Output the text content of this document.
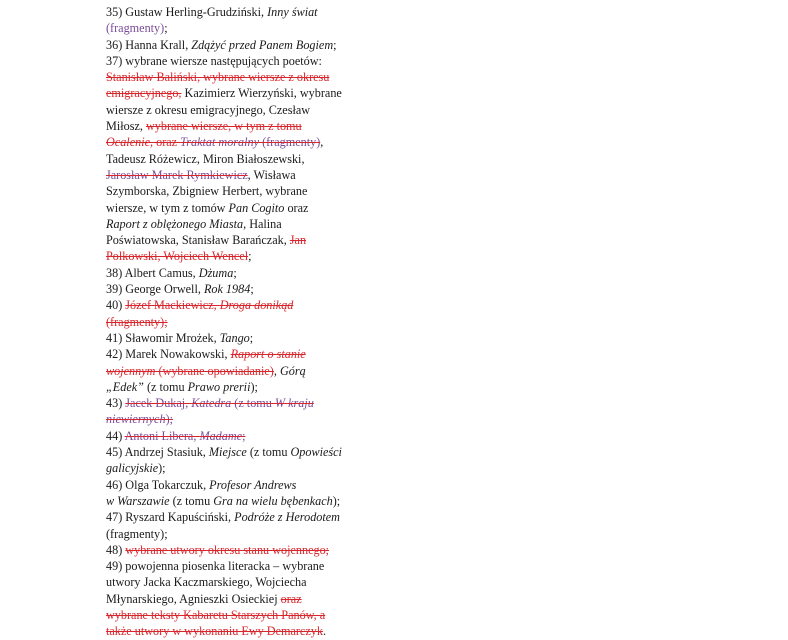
35) Gustaw Herling-Grudziński, Inny świat
(fragmenty);
36) Hanna Krall, Zdążyć przed Panem Bogiem;
37) wybrane wiersze następujących poetów:
Stanisław Baliński, wybrane wiersze z okresu
emigracyjnego, Kazimierz Wierzyński, wybrane
wiersze z okresu emigracyjnego, Czesław
Miłosz, wybrane wiersze, w tym z tomu
Ocalenie, oraz Traktat moralny (fragmenty),
Tadeusz Różewicz, Miron Białoszewski,
Jarosław Marek Rymkiewicz, Wisława
Szymborska, Zbigniew Herbert, wybrane
wiersze, w tym z tomów Pan Cogito oraz
Raport z oblężonego Miasta, Halina
Poświatowska, Stanisław Barańczak, Jan
Polkowski, Wojciech Wencel;
38) Albert Camus, Dżuma;
39) George Orwell, Rok 1984;
40) Józef Mackiewicz, Droga donikąd
(fragmenty);
41) Sławomir Mrożek, Tango;
42) Marek Nowakowski, Raport o stanie
wojennym (wybrane opowiadanie), Górą
„Edek” (z tomu Prawo prerii);
43) Jacek Dukaj, Katedra (z tomu W kraju
niewiernych);
44) Antoni Libera, Madame;
45) Andrzej Stasiuk, Miejsce (z tomu Opowieści
galicyjskie);
46) Olga Tokarczuk, Profesor Andrews
w Warszawie (z tomu Gra na wielu bębenkach);
47) Ryszard Kapuściński, Podróże z Herodotem
(fragmenty);
48) wybrane utwory okresu stanu wojennego;
49) powojenna piosenka literacka – wybrane
utwory Jacka Kaczmarskiego, Wojciecha
Młynarskiego, Agnieszki Osieckiej oraz
wybrane teksty Kabaretu Starszych Panów, a
także utwory w wykonaniu Ewy Demarczyk.
